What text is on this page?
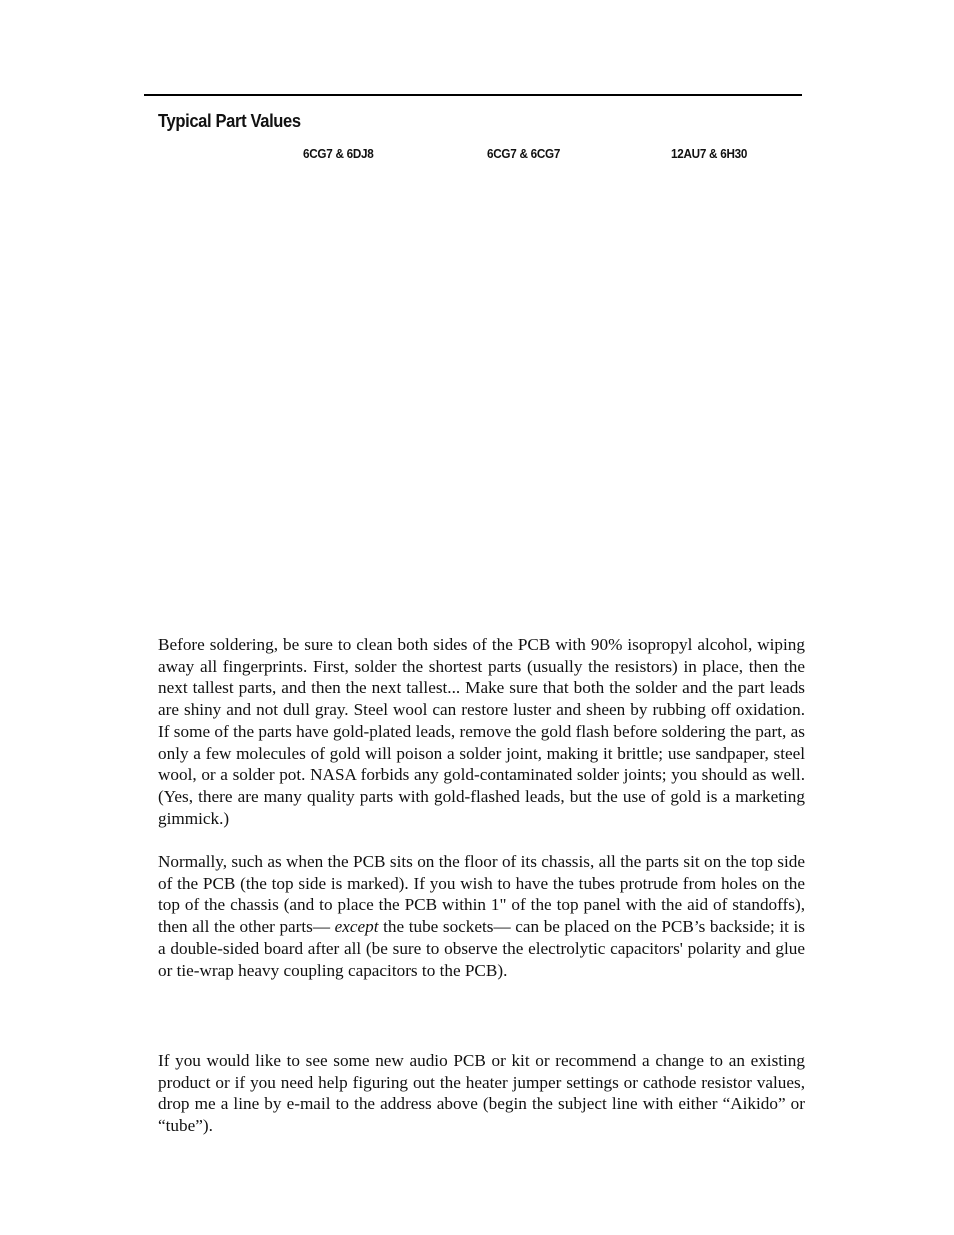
Typical Part Values
6CG7 & 6DJ8	6CG7 & 6CG7	12AU7 & 6H30

Before soldering, be sure to clean both sides of the PCB with 90% isopropyl alcohol, wiping away all fingerprints. First, solder the shortest parts (usually the resistors) in place, then the next tallest parts, and then the next tallest... Make sure that both the solder and the part leads are shiny and not dull gray. Steel wool can restore luster and sheen by rubbing off oxidation. If some of the parts have gold-plated leads, remove the gold flash before soldering the part, as only a few molecules of gold will poison a solder joint, making it brittle; use sandpaper, steel wool, or a solder pot. NASA forbids any gold-contaminated solder joints; you should as well. (Yes, there are many quality parts with gold-flashed leads, but the use of gold is a marketing gimmick.)

Normally, such as when the PCB sits on the floor of its chassis, all the parts sit on the top side of the PCB (the top side is marked). If you wish to have the tubes protrude from holes on the top of the chassis (and to place the PCB within 1" of the top panel with the aid of standoffs), then all the other parts— except the tube sockets— can be placed on the PCB’s backside; it is a double-sided board after all (be sure to observe the electrolytic capacitors' polarity and glue or tie-wrap heavy coupling capacitors to the PCB).

If you would like to see some new audio PCB or kit or recommend a change to an existing product or if you need help figuring out the heater jumper settings or cathode resistor values, drop me a line by e-mail to the address above (begin the subject line with either “Aikido” or “tube”).
